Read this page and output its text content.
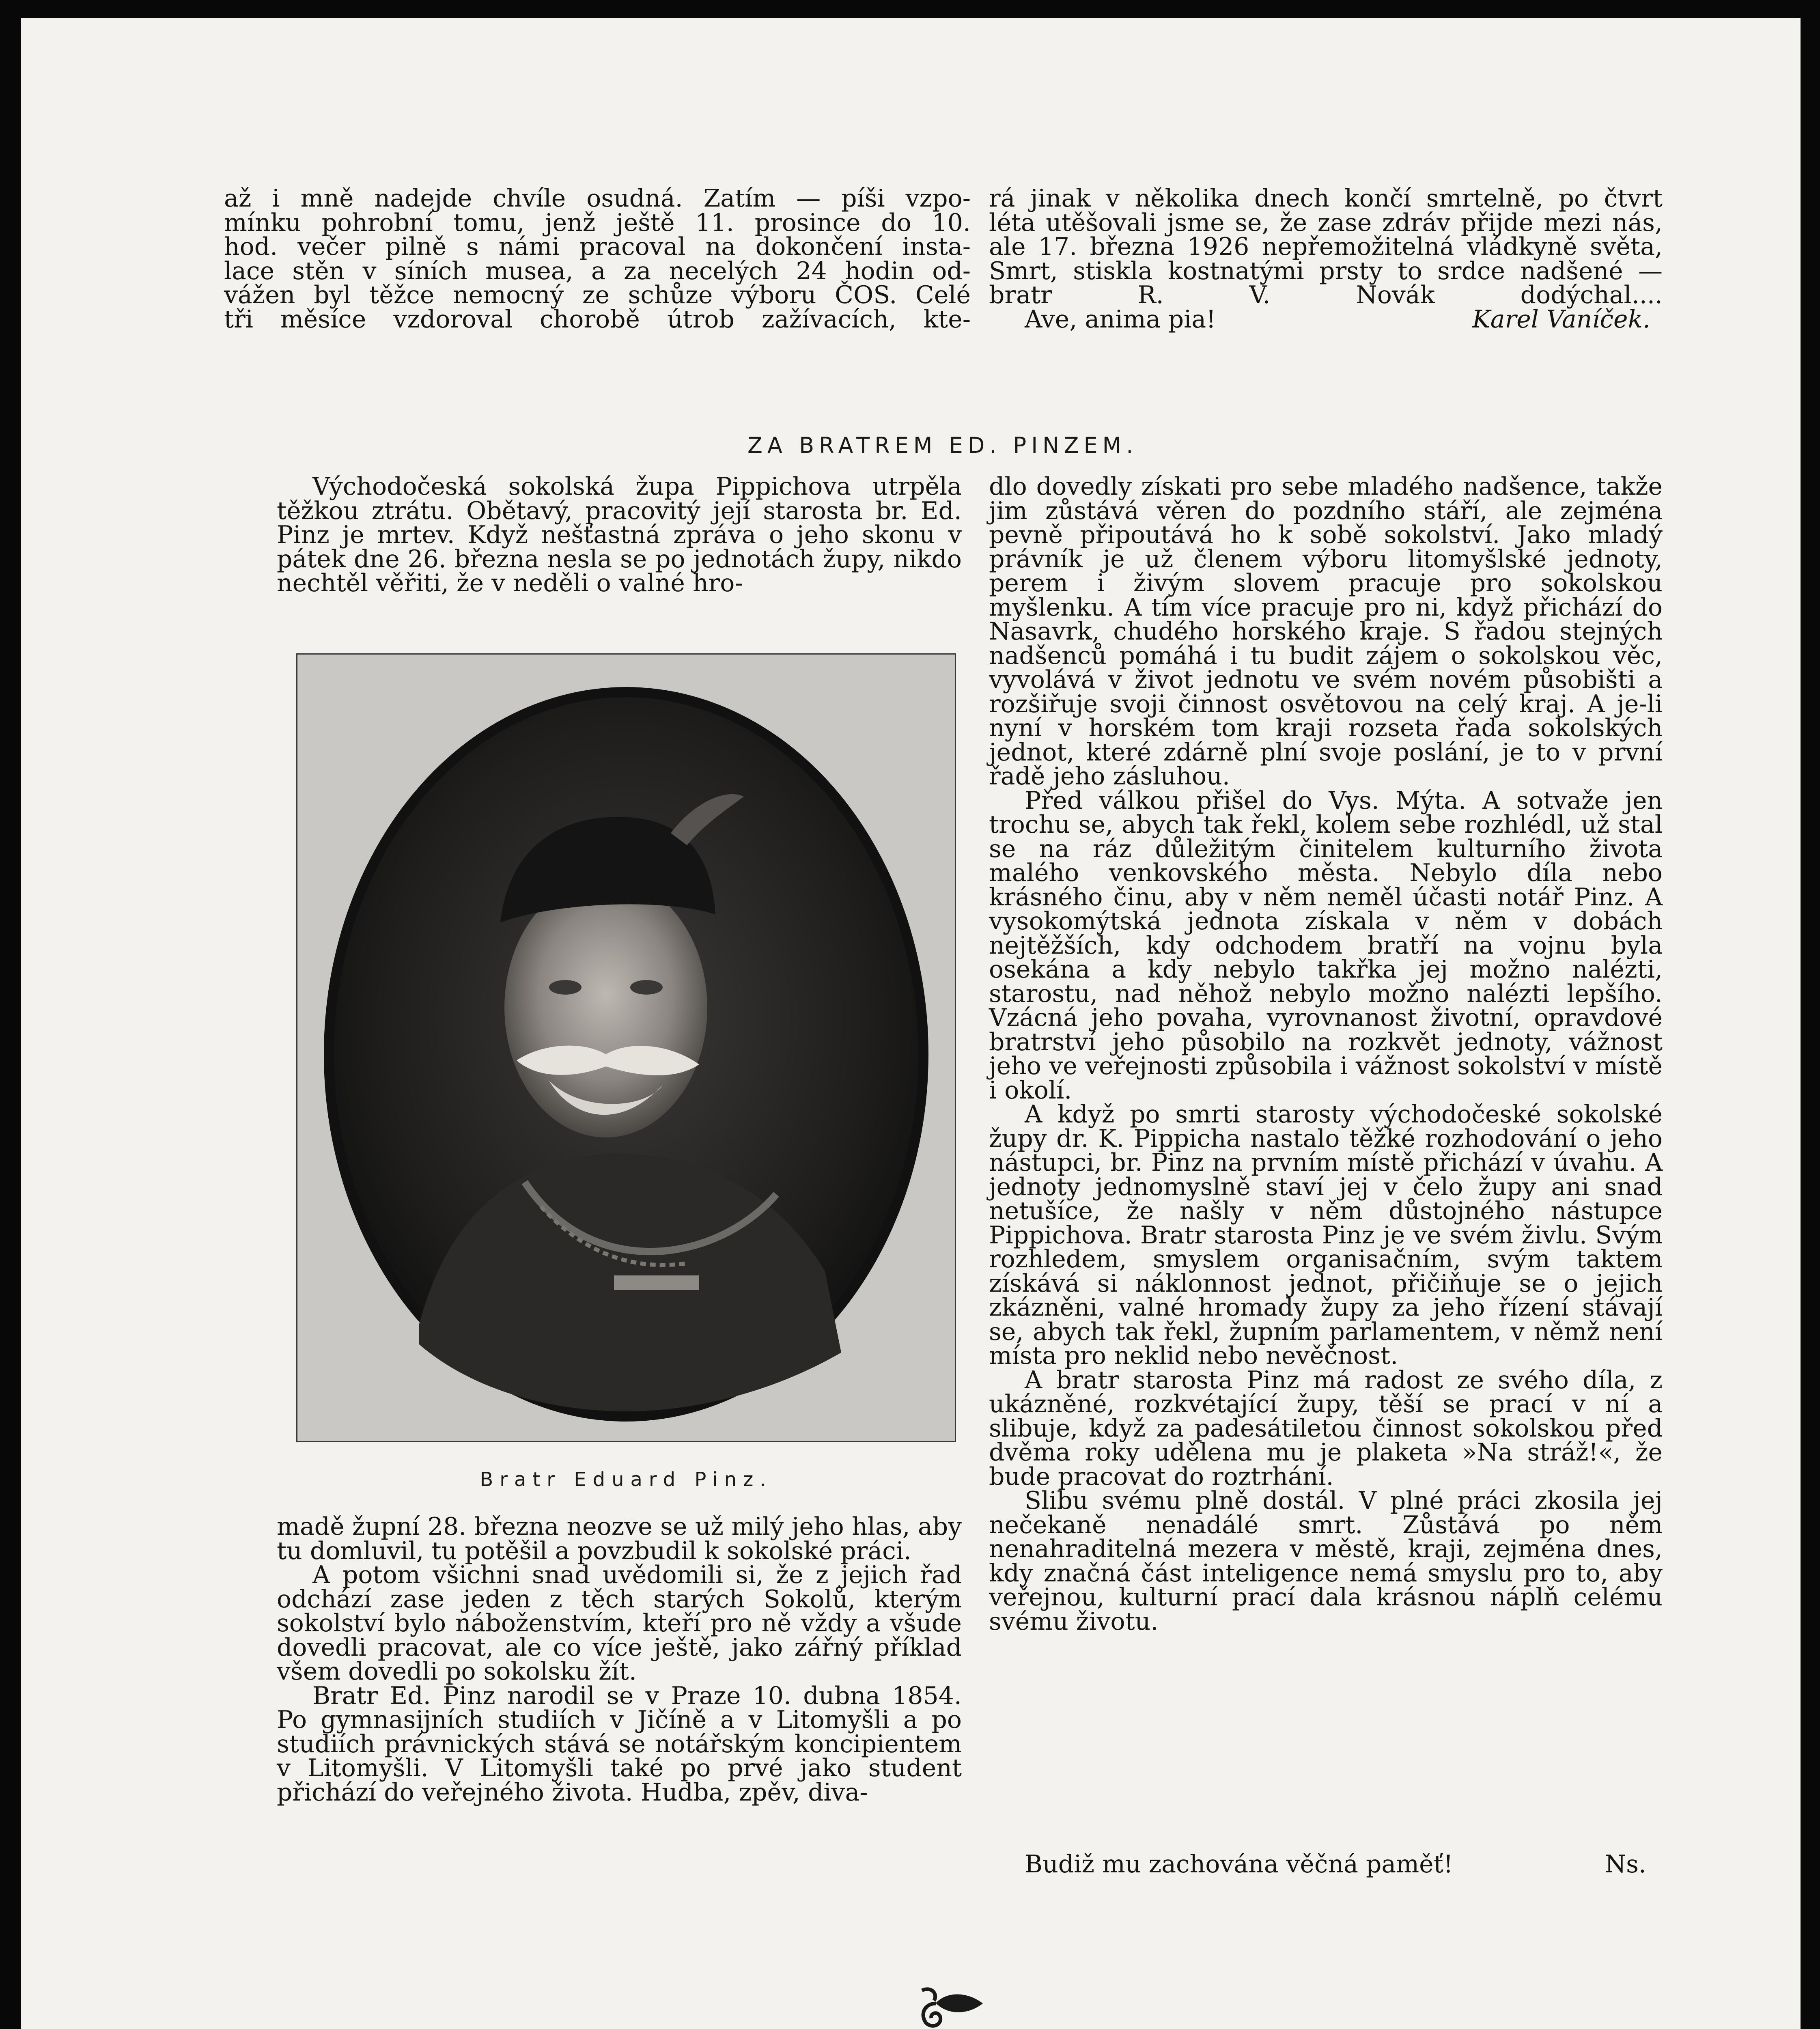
až i mně nadejde chvíle osudná. Zatím — píši vzpo-
mínku pohrobní tomu, jenž ještě 11. prosince do 10.
hod. večer pilně s námi pracoval na dokončení insta-
lace stěn v síních musea, a za necelých 24 hodin od-
vážen byl těžce nemocný ze schůze výboru ČOS. Celé
tři měsíce vzdoroval chorobě útrob zažívacích, kte-
rá jinak v několika dnech končí smrtelně, po čtvrt
léta utěšovali jsme se, že zase zdráv přijde mezi nás,
ale 17. března 1926 nepřemožitelná vládkyně světa,
Smrt, stiskla kostnatými prsty to srdce nadšené —
bratr R. V. Novák dodýchal....
Ave, anima pia!	Karel Vaníček.
ZA BRATREM ED. PINZEM.

Východočeská sokolská župa Pippichova utrpěla těžkou ztrátu. Obětavý, pracovitý její starosta br. Ed. Pinz je mrtev. Když nešťastná zpráva o jeho skonu v pátek dne 26. března nesla se po jednotách župy, nikdo nechtěl věřiti, že v neděli o valné hro-

Bratr Eduard Pinz.

madě župní 28. března neozve se už milý jeho hlas, aby tu domluvil, tu potěšil a povzbudil k sokolské práci.

A potom všichni snad uvědomili si, že z jejich řad odchází zase jeden z těch starých Sokolů, kterým sokolství bylo náboženstvím, kteří pro ně vždy a všude dovedli pracovat, ale co více ještě, jako zářný příklad všem dovedli po sokolsku žít.

Bratr Ed. Pinz narodil se v Praze 10. dubna 1854. Po gymnasijních studiích v Jičíně a v Litomyšli a po studiích právnických stává se notářským koncipientem v Litomyšli. V Litomyšli také po prvé jako student přichází do veřejného života. Hudba, zpěv, diva-

dlo dovedly získati pro sebe mladého nadšence, takže jim zůstává věren do pozdního stáří, ale zejména pevně připoutává ho k sobě sokolství. Jako mladý právník je už členem výboru litomyšlské jednoty, perem i živým slovem pracuje pro sokolskou myšlenku. A tím více pracuje pro ni, když přichází do Nasavrk, chudého horského kraje. S řadou stejných nadšenců pomáhá i tu budit zájem o sokolskou věc, vyvolává v život jednotu ve svém novém působišti a rozšiřuje svoji činnost osvětovou na celý kraj. A je-li nyní v horském tom kraji rozseta řada sokolských jednot, které zdárně plní svoje poslání, je to v první řadě jeho zásluhou.

Před válkou přišel do Vys. Mýta. A sotvaže jen trochu se, abych tak řekl, kolem sebe rozhlédl, už stal se na ráz důležitým činitelem kulturního života malého venkovského města. Nebylo díla nebo krásného činu, aby v něm neměl účasti notář Pinz. A vysokomýtská jednota získala v něm v dobách nejtěžších, kdy odchodem bratří na vojnu byla osekána a kdy nebylo takřka jej možno nalézti, starostu, nad něhož nebylo možno nalézti lepšího. Vzácná jeho povaha, vyrovnanost životní, opravdové bratrství jeho působilo na rozkvět jednoty, vážnost jeho ve veřejnosti způsobila i vážnost sokolství v místě i okolí.

A když po smrti starosty východočeské sokolské župy dr. K. Pippicha nastalo těžké rozhodování o jeho nástupci, br. Pinz na prvním místě přichází v úvahu. A jednoty jednomyslně staví jej v čelo župy ani snad netušíce, že našly v něm důstojného nástupce Pippichova. Bratr starosta Pinz je ve svém živlu. Svým rozhledem, smyslem organisačním, svým taktem získává si náklonnost jednot, přičiňuje se o jejich zkázněni, valné hromady župy za jeho řízení stávají se, abych tak řekl, župním parlamentem, v němž není místa pro neklid nebo nevěčnost.

A bratr starosta Pinz má radost ze svého díla, z ukázněné, rozkvétající župy, těší se prací v ní a slibuje, když za padesátiletou činnost sokolskou před dvěma roky udělena mu je plaketa »Na stráž!«, že bude pracovat do roztrhání.

Slibu svému plně dostál. V plné práci zkosila jej nečekaně nenadálé smrt. Zůstává po něm nenahraditelná mezera v městě, kraji, zejména dnes, kdy značná část inteligence nemá smyslu pro to, aby veřejnou, kulturní prací dala krásnou náplň celému svému životu.

Budiž mu zachována věčná paměť!	Ns.
